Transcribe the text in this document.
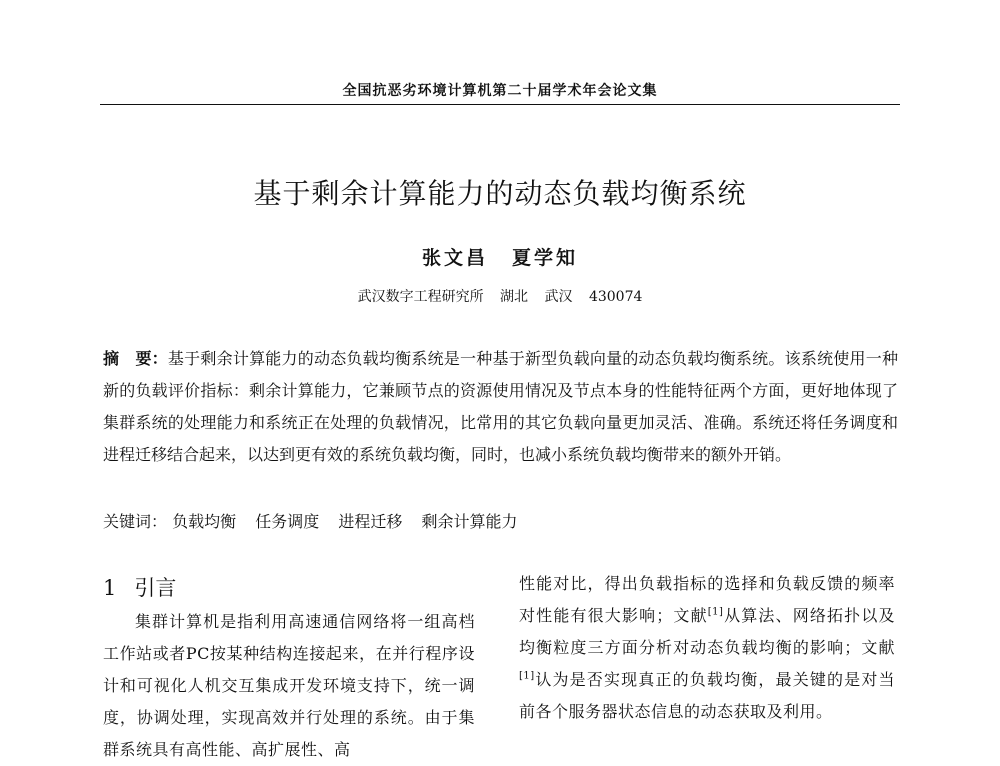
全国抗恶劣环境计算机第二十届学术年会论文集
基于剩余计算能力的动态负载均衡系统
张文昌 夏学知
武汉数字工程研究所 湖北 武汉 430074

摘　要：基于剩余计算能力的动态负载均衡系统是一种基于新型负载向量的动态负载均衡系统。该系统使用一种新的负载评价指标：剩余计算能力，它兼顾节点的资源使用情况及节点本身的性能特征两个方面，更好地体现了集群系统的处理能力和系统正在处理的负载情况，比常用的其它负载向量更加灵活、准确。系统还将任务调度和进程迁移结合起来，以达到更有效的系统负载均衡，同时，也减小系统负载均衡带来的额外开销。

关键词： 负载均衡 任务调度 进程迁移 剩余计算能力
1 引言

集群计算机是指利用高速通信网络将一组高档工作站或者PC按某种结构连接起来，在并行程序设计和可视化人机交互集成开发环境支持下，统一调度，协调处理，实现高效并行处理的系统。由于集群系统具有高性能、高扩展性、高

性能对比，得出负载指标的选择和负载反馈的频率对性能有很大影响；文献[1]从算法、网络拓扑以及均衡粒度三方面分析对动态负载均衡的影响；文献[1]认为是否实现真正的负载均衡，最关键的是对当前各个服务器状态信息的动态获取及利用。
